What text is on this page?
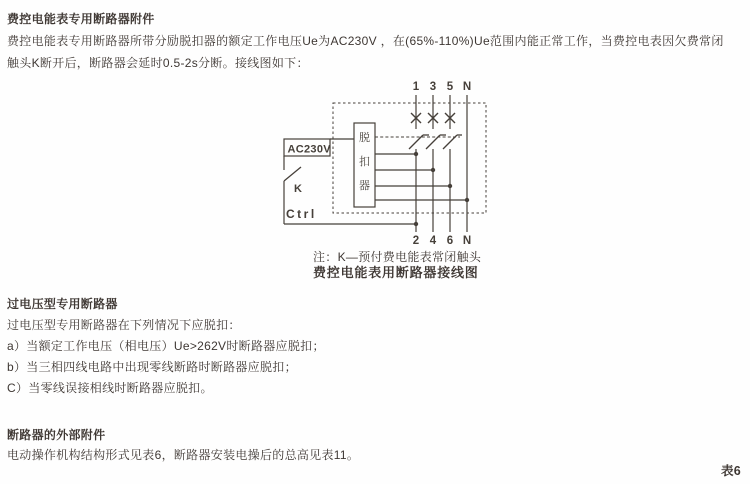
费控电能表专用断路器附件
费控电能表专用断路器所带分励脱扣器的额定工作电压Ue为AC230V ，在(65%-110%)Ue范围内能正常工作，当费控电表因欠费常闭
触头K断开后，断路器会延时0.5-2s分断。接线图如下：
1 3 5 N
脱
扣
器
AC230V
K
Ctrl
2 4 6 N
注：K—预付费电能表常闭触头
费控电能表用断路器接线图
过电压型专用断路器
过电压型专用断路器在下列情况下应脱扣：
a）当额定工作电压（相电压）Ue>262V时断路器应脱扣；
b）当三相四线电路中出现零线断路时断路器应脱扣；
C）当零线误接相线时断路器应脱扣。
断路器的外部附件
电动操作机构结构形式见表6，断路器安装电操后的总高见表11。
表6
